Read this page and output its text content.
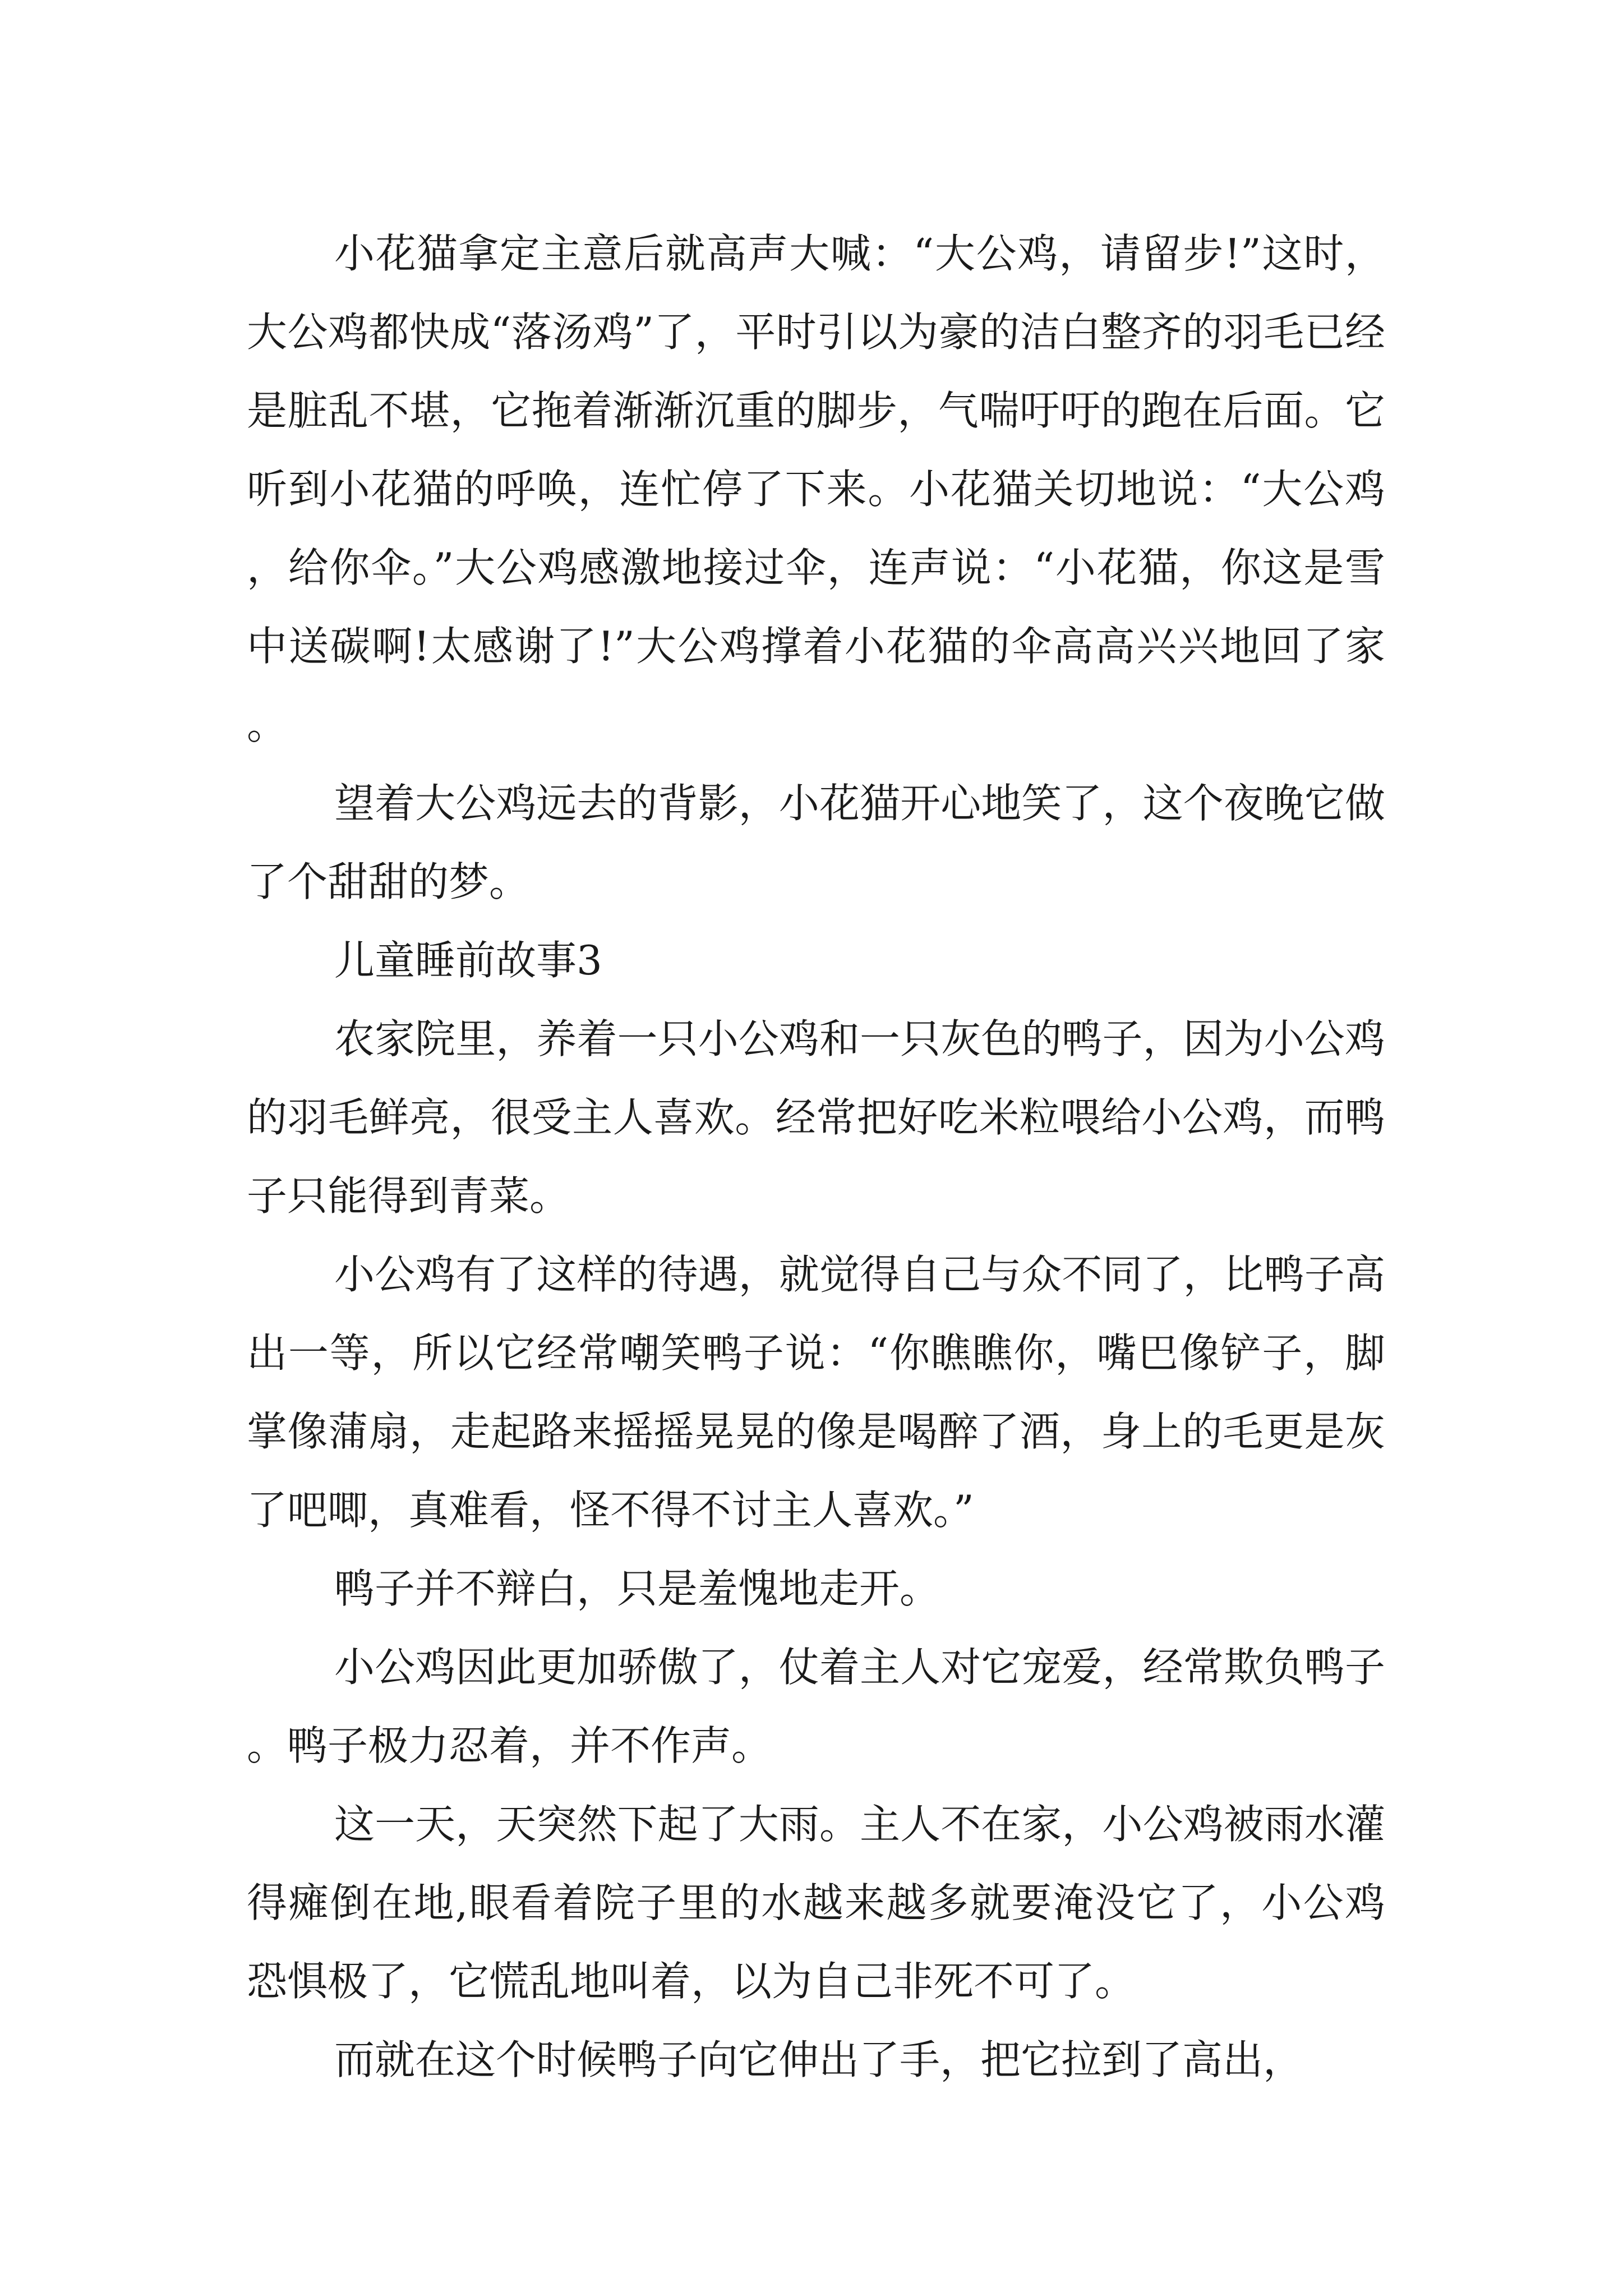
小花猫拿定主意后就高声大喊：“大公鸡，请留步!”这时，大公鸡都快成“落汤鸡”了，平时引以为豪的洁白整齐的羽毛已经是脏乱不堪，它拖着渐渐沉重的脚步，气喘吁吁的跑在后面。它听到小花猫的呼唤，连忙停了下来。小花猫关切地说：“大公鸡，给你伞。”大公鸡感激地接过伞，连声说：“小花猫，你这是雪中送碳啊!太感谢了!”大公鸡撑着小花猫的伞高高兴兴地回了家。

望着大公鸡远去的背影，小花猫开心地笑了，这个夜晚它做了个甜甜的梦。

儿童睡前故事3

农家院里，养着一只小公鸡和一只灰色的鸭子，因为小公鸡的羽毛鲜亮，很受主人喜欢。经常把好吃米粒喂给小公鸡，而鸭子只能得到青菜。

小公鸡有了这样的待遇，就觉得自己与众不同了，比鸭子高出一等，所以它经常嘲笑鸭子说：“你瞧瞧你，嘴巴像铲子，脚掌像蒲扇，走起路来摇摇晃晃的像是喝醉了酒，身上的毛更是灰了吧唧，真难看，怪不得不讨主人喜欢。”

鸭子并不辩白，只是羞愧地走开。

小公鸡因此更加骄傲了，仗着主人对它宠爱，经常欺负鸭子。鸭子极力忍着，并不作声。

这一天，天突然下起了大雨。主人不在家，小公鸡被雨水灌得瘫倒在地,眼看着院子里的水越来越多就要淹没它了，小公鸡恐惧极了，它慌乱地叫着，以为自己非死不可了。

而就在这个时候鸭子向它伸出了手，把它拉到了高出，
